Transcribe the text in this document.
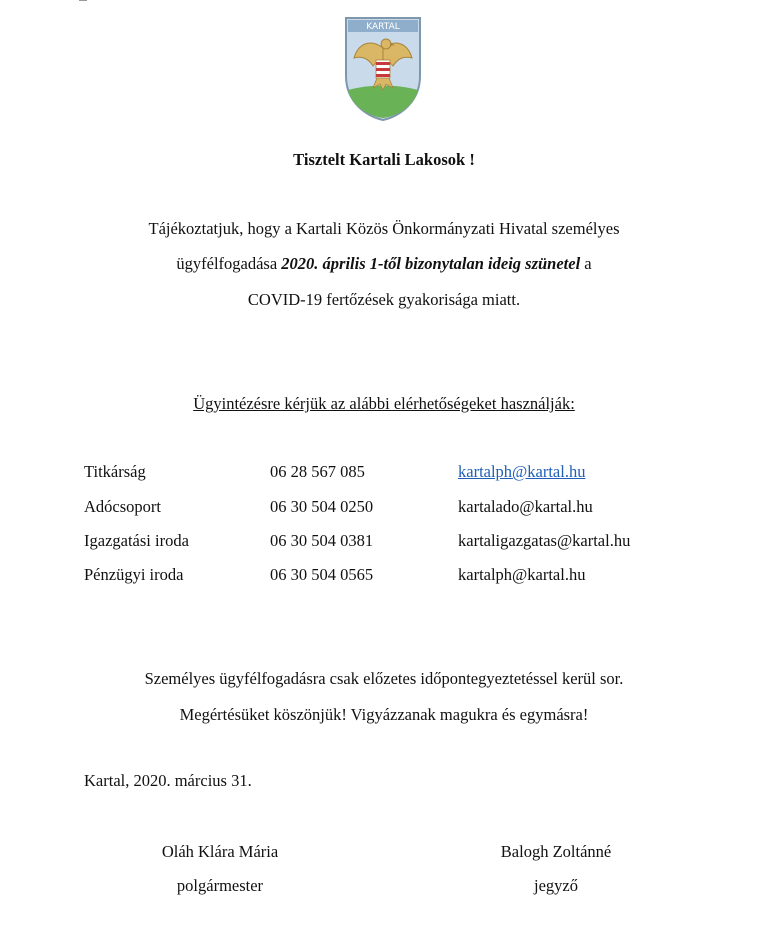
KARTAL
Tisztelt Kartali Lakosok !
Tájékoztatjuk, hogy a Kartali Közös Önkormányzati Hivatal személyes
ügyfélfogadása 2020. április 1-től bizonytalan ideig szünetel a
COVID-19 fertőzések gyakorisága miatt.
Ügyintézésre kérjük az alábbi elérhetőségeket használják:
Titkárság	06 28 567 085	kartalph@kartal.hu
Adócsoport	06 30 504 0250	kartalado@kartal.hu
Igazgatási iroda	06 30 504 0381	kartaligazgatas@kartal.hu
Pénzügyi iroda	06 30 504 0565	kartalph@kartal.hu
Személyes ügyfélfogadásra csak előzetes időpontegyeztetéssel kerül sor.
Megértésüket köszönjük! Vigyázzanak magukra és egymásra!
Kartal, 2020. március 31.
Oláh Klára Mária
polgármester
Balogh Zoltánné
jegyző
